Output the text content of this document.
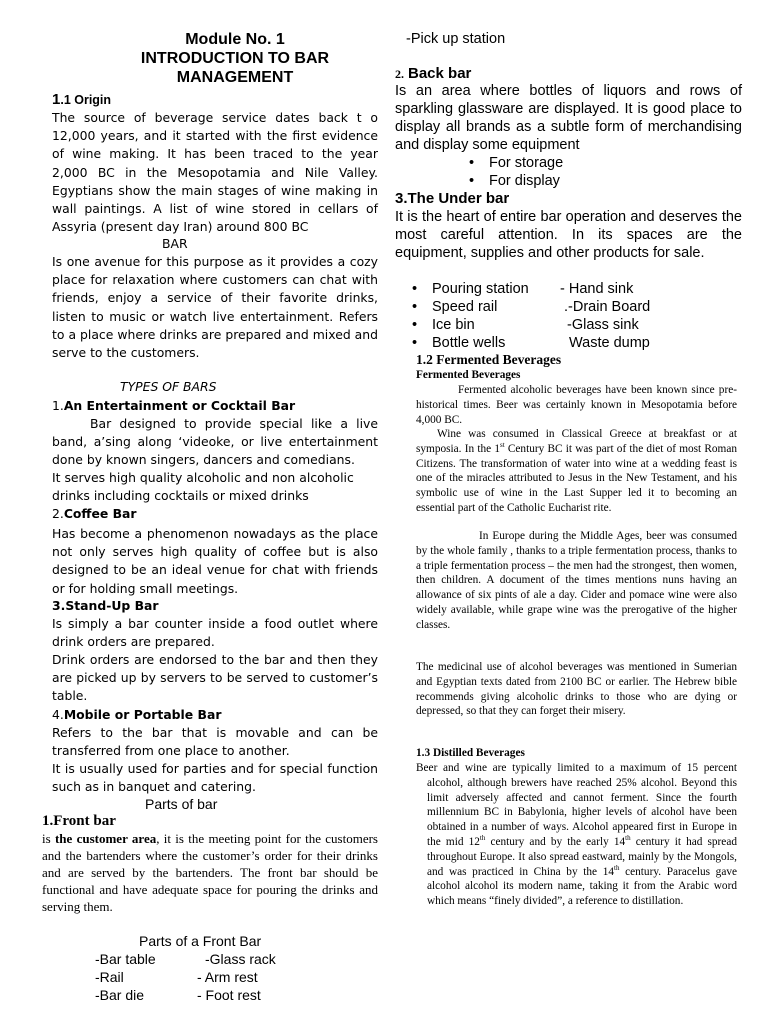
Module No. 1
INTRODUCTION TO BAR
MANAGEMENT
1.1 Origin

The source of beverage service dates back t o 12,000 years, and it started with the first evidence of wine making. It has been traced to the year 2,000 BC in the Mesopotamia and Nile Valley. Egyptians show the main stages of wine making in wall paintings. A list of wine stored in cellars of Assyria (present day Iran) around 800 BC

BAR

Is one avenue for this purpose as it provides a cozy place for relaxation where customers can chat with friends, enjoy a service of their favorite drinks, listen to music or watch live entertainment. Refers to a place where drinks are prepared and mixed and serve to the customers.

TYPES OF BARS
1.An Entertainment or Cocktail Bar

Bar designed to provide special like a live band, a’sing along ‘videoke, or live entertainment done by known singers, dancers and comedians.

It serves high quality alcoholic and non alcoholic drinks including cocktails or mixed drinks

2.Coffee Bar

Has become a phenomenon nowadays as the place not only serves high quality of coffee but is also designed to be an ideal venue for chat with friends or for holding small meetings.

3.Stand-Up Bar

Is simply a bar counter inside a food outlet where drink orders are prepared.

Drink orders are endorsed to the bar and then they are picked up by servers to be served to customer’s table.

4.Mobile or Portable Bar

Refers to the bar that is movable and can be transferred from one place to another.

It is usually used for parties and for special function such as in banquet and catering.

Parts of bar
1.Front bar

is the customer area, it is the meeting point for the customers and the bartenders where the customer’s order for their drinks and are served by the bartenders. The front bar should be functional and have adequate space for pouring the drinks and serving them.

Parts of a Front Bar
-Bar table	-Glass rack
-Rail	- Arm rest
-Bar die	- Foot rest
-Pick up station
2. Back bar

Is an area where bottles of liquors and rows of sparkling glassware are displayed. It is good place to display all brands as a subtle form of merchandising and display some equipment

• For storage
• For display
3.The Under bar

It is the heart of entire bar operation and deserves the most careful attention. In its spaces are the equipment, supplies and other products for sale.

•	Pouring station	- Hand sink
•	Speed rail	.-Drain Board
•	Ice bin	-Glass sink
•	Bottle wells	Waste dump
1.2 Fermented Beverages
Fermented Beverages

Fermented alcoholic beverages have been known since pre-historical times. Beer was certainly known in Mesopotamia before 4,000 BC.

Wine was consumed in Classical Greece at breakfast or at symposia. In the 1st Century BC it was part of the diet of most Roman Citizens. The transformation of water into wine at a wedding feast is one of the miracles attributed to Jesus in the New Testament, and his symbolic use of wine in the Last Supper led it to becoming an essential part of the Catholic Eucharist rite.

In Europe during the Middle Ages, beer was consumed by the whole family , thanks to a triple fermentation process, thanks to a triple fermentation process – the men had the strongest, then women, then children. A document of the times mentions nuns having an allowance of six pints of ale a day. Cider and pomace wine were also widely available, while grape wine was the prerogative of the higher classes.

The medicinal use of alcohol beverages was mentioned in Sumerian and Egyptian texts dated from 2100 BC or earlier. The Hebrew bible recommends giving alcoholic drinks to those who are dying or depressed, so that they can forget their misery.

1.3 Distilled Beverages

Beer and wine are typically limited to a maximum of 15 percent alcohol, although brewers have reached 25% alcohol. Beyond this limit adversely affected and cannot ferment. Since the fourth millennium BC in Babylonia, higher levels of alcohol have been obtained in a number of ways. Alcohol appeared first in Europe in the mid 12th century and by the early 14th century it had spread throughout Europe. It also spread eastward, mainly by the Mongols, and was practiced in China by the 14th century. Paracelus gave alcohol alcohol its modern name, taking it from the Arabic word which means “finely divided”, a reference to distillation.
